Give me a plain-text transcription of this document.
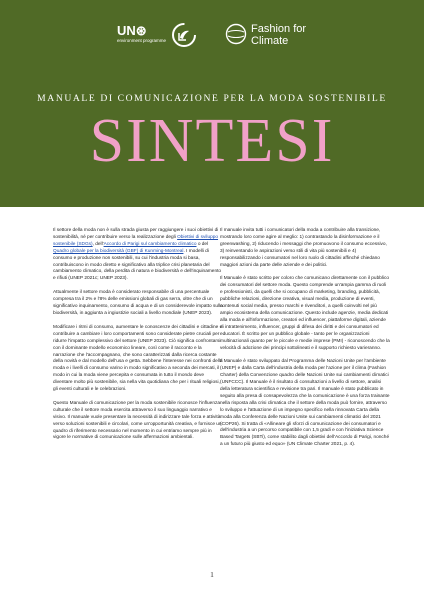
UN⊛
environment programme
Fashion for Climate
MANUALE DI COMUNICAZIONE PER LA MODA SOSTENIBILE
SINTESI

Il settore della moda non è sulla strada giusta per raggiungere i suoi obiettivi di sostenibilità, né per contribuire verso la realizzazione degli Obiettivi di sviluppo sostenibile (SDGs), dell'Accordo di Parigi sul cambiamento climatico o del Quadro globale per la biodiversità (GBF) di Kunming-Montreal. I modelli di consumo e produzione non sostenibili, su cui l'industria moda si basa, contribuiscono in modo diretto e significativo alla triplice crisi planetaria del cambiamento climatico, della perdita di natura e biodiversità e dell'inquinamento e rifiuti (UNEP 2021c; UNEP 2023).

Attualmente il settore moda è considerato responsabile di una percentuale compresa tra il 2% e l'8% delle emissioni globali di gas serra, oltre che di un significativo inquinamento, consumo di acqua e di un considerevole impatto sulla biodiversità, in aggiunta a ingiustizie sociali a livello mondiale (UNEP 2023).

Modificare i ritmi di consumo, aumentare le conoscenze dei cittadini e cittadine e contribuire a cambiare i loro comportamenti sono considerate pietre cruciali per ridurre l'impatto complessivo del settore (UNEP 2023). Ciò significa confrontarsi con il dominante modello economico lineare, così come il racconto e la narrazione che l'accompagnano, che sono caratterizzati dalla ricerca costante della novità e dal modello dell'usa e getta. Sebbene l'interesse nei confronti della moda e i livelli di consumo varino in modo significativo a seconda dei mercati, il modo in cui la moda viene percepita e consumata in tutto il mondo deve diventare molto più sostenibile, sia nella vita quotidiana che per i rituali religiosi, gli eventi culturali e le celebrazioni.

Questo Manuale di comunicazione per la moda sostenibile riconosce l'influenza culturale che il settore moda esercita attraverso il suo linguaggio narrativo e visivo. Il manuale vuole presentare la necessità di indirizzare tale forza e attività verso soluzioni sostenibili e circolari, come un'opportunità creativa, e fornisce un quadro di riferimento necessario nel momento in cui entriamo sempre più in vigore le normative di comunicazione sulle affermazioni ambientali.

Il manuale invita tutti i comunicatori della moda a contribuire alla transizione, mostrando loro come agire al meglio: 1) contrastando la disinformazione e il greenwashing, 2) riducendo i messaggi che promuovono il consumo eccessivo, 3) reinventando le aspirazioni verso stili di vita più sostenibili e 4) responsabilizzando i consumatori nel loro ruolo di cittadini affinché chiedano maggiori azioni da parte delle aziende e dei politici.

Il Manuale è stato scritto per coloro che comunicano direttamente con il pubblico dei consumatori del settore moda. Questo comprende un'ampia gamma di ruoli e professionisti, da quelli che si occupano di marketing, branding, pubblicità, pubbliche relazioni, direzione creativa, visual media, produzione di eventi, contenuti social media, presso marchi e rivenditori, a quelli coinvolti nel più ampio ecosistema della comunicazione. Questo include agenzie, media dedicati alla moda e all'informazione, creatori ed influencer, piattaforme digitali, aziende di intrattenimento, influencer, gruppi di difesa dei diritti e dei consumatori ed educatori. È scritto per un pubblico globale - tanto per le organizzazioni multinazionali quanto per le piccole e medie imprese (PMI) - riconoscendo che la velocità di adozione dei principi sottolineati e il supporto richiesto varieranno.

Il Manuale è stato sviluppato dal Programma delle Nazioni Unite per l'ambiente (UNEP) e dalla Carta dell'industria della moda per l'azione per il clima (Fashion Charter) della Convenzione quadro delle Nazioni Unite sui cambiamenti climatici (UNFCCC). Il Manuale è il risultato di consultazioni a livello di settore, analisi della letteratura scientifica e revisione tra pari. Il manuale è stato pubblicato in seguito alla presa di consapevolezza che la comunicazione è una forza trainante nella risposta alla crisi climatica che il settore della moda può fornire, attraverso lo sviluppo e l'attuazione di un impegno specifico nella rinnovata Carta della moda alla Conferenza delle Nazioni Unite sui cambiamenti climatici del 2021 (COP26). Si tratta di «Allineare gli sforzi di comunicazione dei consumatori e dell'industria a un percorso compatibile con 1,5 gradi e con l'iniziativa Science Based Targets (SBTi), come stabilito dagli obiettivi dell'Accordo di Parigi, nonché a un futuro più giusto ed equo» (UN Climate Charter 2021, p. 4).

1
